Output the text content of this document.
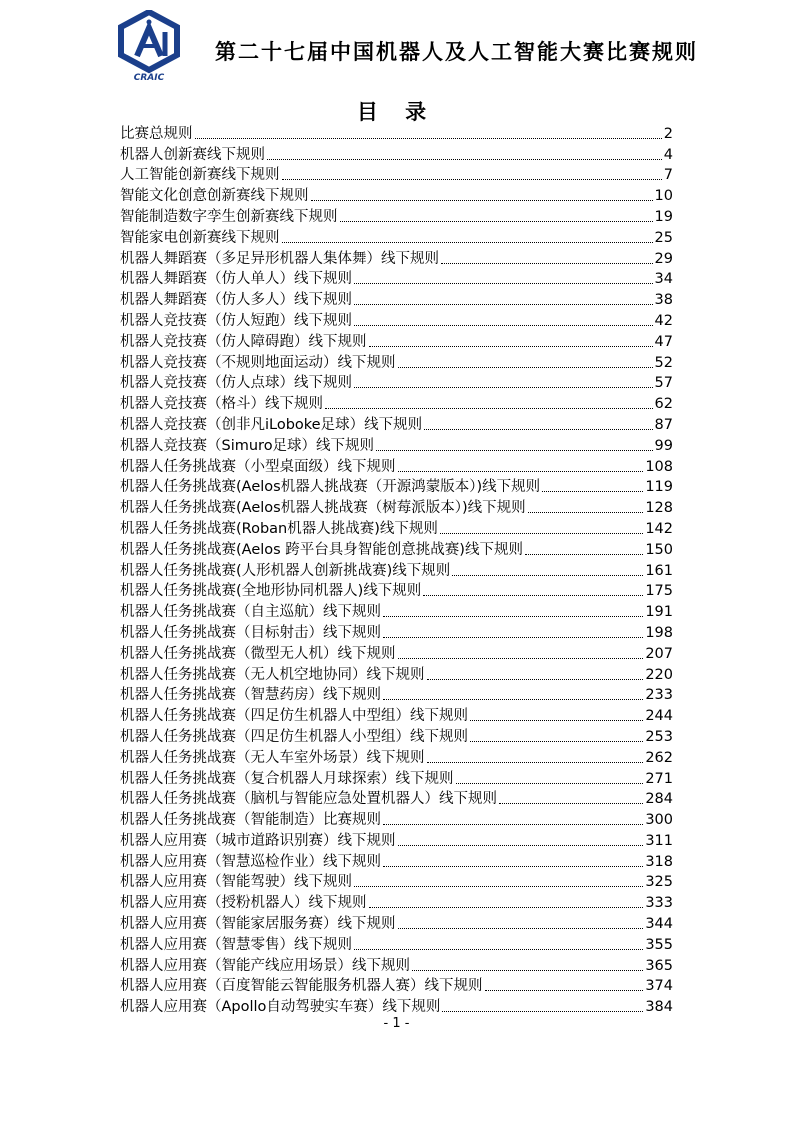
CRAIC
第二十七届中国机器人及人工智能大赛比赛规则
目 录
比赛总规则	2
机器人创新赛线下规则	4
人工智能创新赛线下规则	7
智能文化创意创新赛线下规则	10
智能制造数字孪生创新赛线下规则	19
智能家电创新赛线下规则	25
机器人舞蹈赛（多足异形机器人集体舞）线下规则	29
机器人舞蹈赛（仿人单人）线下规则	34
机器人舞蹈赛（仿人多人）线下规则	38
机器人竞技赛（仿人短跑）线下规则	42
机器人竞技赛（仿人障碍跑）线下规则	47
机器人竞技赛（不规则地面运动）线下规则	52
机器人竞技赛（仿人点球）线下规则	57
机器人竞技赛（格斗）线下规则	62
机器人竞技赛（创非凡iLoboke足球）线下规则	87
机器人竞技赛（Simuro足球）线下规则	99
机器人任务挑战赛（小型桌面级）线下规则	108
机器人任务挑战赛(Aelos机器人挑战赛（开源鸿蒙版本）)线下规则	119
机器人任务挑战赛(Aelos机器人挑战赛（树莓派版本）)线下规则	128
机器人任务挑战赛(Roban机器人挑战赛)线下规则	142
机器人任务挑战赛(Aelos 跨平台具身智能创意挑战赛)线下规则	150
机器人任务挑战赛(人形机器人创新挑战赛)线下规则	161
机器人任务挑战赛(全地形协同机器人)线下规则	175
机器人任务挑战赛（自主巡航）线下规则	191
机器人任务挑战赛（目标射击）线下规则	198
机器人任务挑战赛（微型无人机）线下规则	207
机器人任务挑战赛（无人机空地协同）线下规则	220
机器人任务挑战赛（智慧药房）线下规则	233
机器人任务挑战赛（四足仿生机器人中型组）线下规则	244
机器人任务挑战赛（四足仿生机器人小型组）线下规则	253
机器人任务挑战赛（无人车室外场景）线下规则	262
机器人任务挑战赛（复合机器人月球探索）线下规则	271
机器人任务挑战赛（脑机与智能应急处置机器人）线下规则	284
机器人任务挑战赛（智能制造）比赛规则	300
机器人应用赛（城市道路识别赛）线下规则	311
机器人应用赛（智慧巡检作业）线下规则	318
机器人应用赛（智能驾驶）线下规则	325
机器人应用赛（授粉机器人）线下规则	333
机器人应用赛（智能家居服务赛）线下规则	344
机器人应用赛（智慧零售）线下规则	355
机器人应用赛（智能产线应用场景）线下规则	365
机器人应用赛（百度智能云智能服务机器人赛）线下规则	374
机器人应用赛（Apollo自动驾驶实车赛）线下规则	384
- 1 -
